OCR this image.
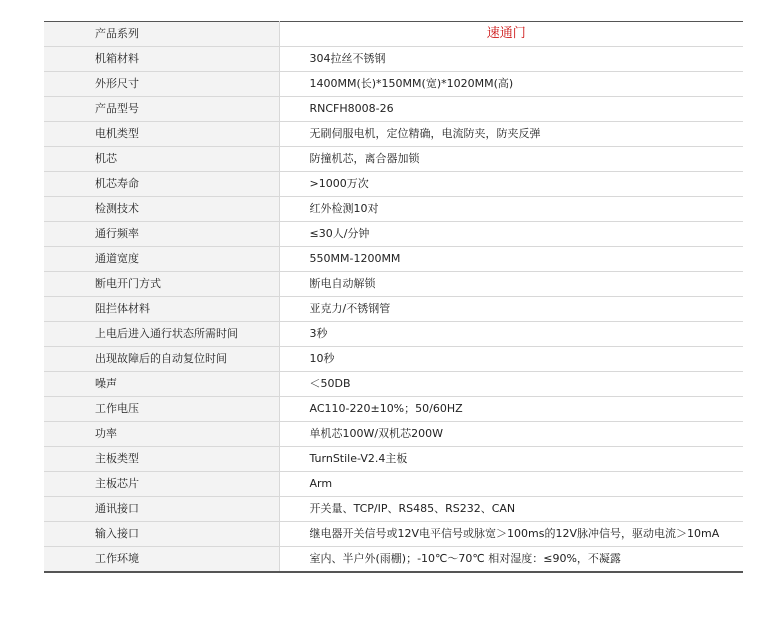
产品系列	速通门
机箱材料	304拉丝不锈钢
外形尺寸	1400MM(长)*150MM(宽)*1020MM(高)
产品型号	RNCFH8008-26
电机类型	无刷伺服电机，定位精确，电流防夹，防夹反弹
机芯	防撞机芯，离合器加锁
机芯寿命	>1000万次
检测技术	红外检测10对
通行频率	≤30人/分钟
通道宽度	550MM-1200MM
断电开门方式	断电自动解锁
阻拦体材料	亚克力/不锈钢管
上电后进入通行状态所需时间	3秒
出现故障后的自动复位时间	10秒
噪声	＜50DB
工作电压	AC110-220±10%；50/60HZ
功率	单机芯100W/双机芯200W
主板类型	TurnStile-V2.4主板
主板芯片	Arm
通讯接口	开关量、TCP/IP、RS485、RS232、CAN
输入接口	继电器开关信号或12V电平信号或脉宽＞100ms的12V脉冲信号，驱动电流＞10mA
工作环境	室内、半户外(雨棚)；-10℃～70℃ 相对湿度：≤90%，不凝露
